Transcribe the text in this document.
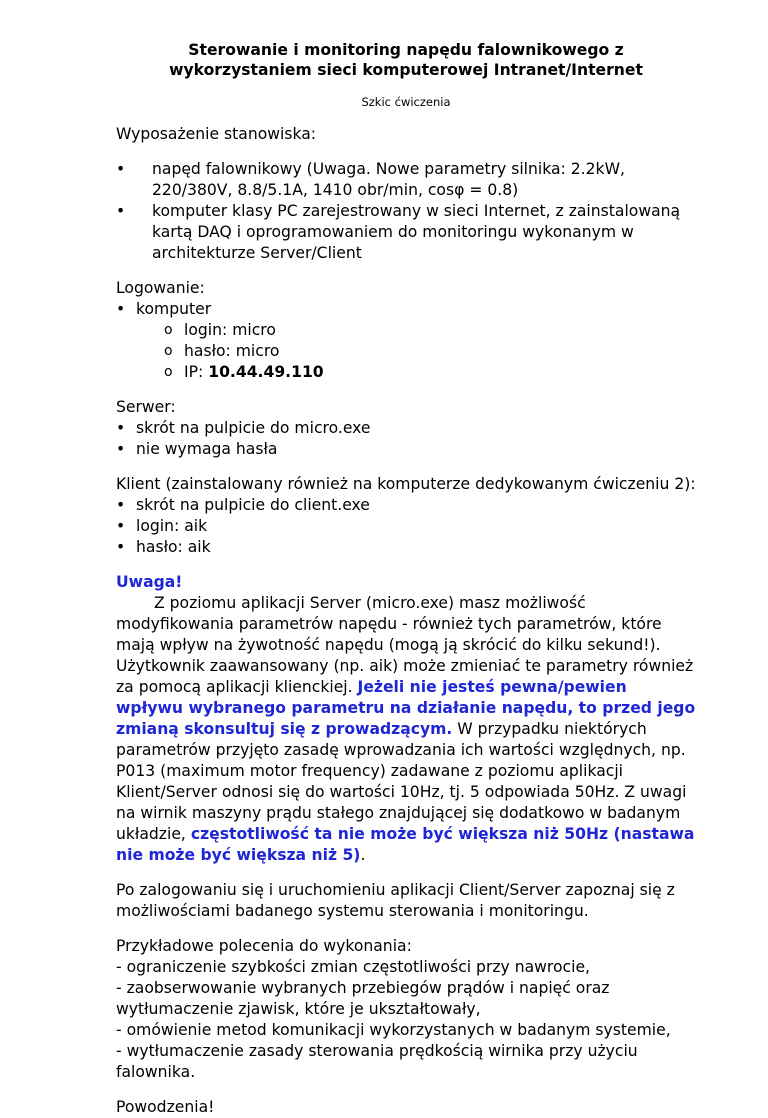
Sterowanie i monitoring napędu falownikowego z wykorzystaniem sieci komputerowej Intranet/Internet
Szkic ćwiczenia

Wyposażenie stanowiska:

• napęd falownikowy (Uwaga. Nowe parametry silnika: 2.2kW, 220/380V, 8.8/5.1A, 1410 obr/min, cosφ = 0.8)
• komputer klasy PC zarejestrowany w sieci Internet, z zainstalowaną kartą DAQ i oprogramowaniem do monitoringu wykonanym w architekturze Server/Client

Logowanie:

• komputer
o login: micro
o hasło: micro
o IP: 10.44.49.110

Serwer:

• skrót na pulpicie do micro.exe
• nie wymaga hasła

Klient (zainstalowany również na komputerze dedykowanym ćwiczeniu 2):

• skrót na pulpicie do client.exe
• login: aik
• hasło: aik

Uwaga!

Z poziomu aplikacji Server (micro.exe) masz możliwość modyfikowania parametrów napędu - również tych parametrów, które mają wpływ na żywotność napędu (mogą ją skrócić do kilku sekund!). Użytkownik zaawansowany (np. aik) może zmieniać te parametry również za pomocą aplikacji klienckiej. Jeżeli nie jesteś pewna/pewien wpływu wybranego parametru na działanie napędu, to przed jego zmianą skonsultuj się z prowadzącym. W przypadku niektórych parametrów przyjęto zasadę wprowadzania ich wartości względnych, np. P013 (maximum motor frequency) zadawane z poziomu aplikacji Klient/Server odnosi się do wartości 10Hz, tj. 5 odpowiada 50Hz. Z uwagi na wirnik maszyny prądu stałego znajdującej się dodatkowo w badanym układzie, częstotliwość ta nie może być większa niż 50Hz (nastawa nie może być większa niż 5).

Po zalogowaniu się i uruchomieniu aplikacji Client/Server zapoznaj się z możliwościami badanego systemu sterowania i monitoringu.

Przykładowe polecenia do wykonania:

- ograniczenie szybkości zmian częstotliwości przy nawrocie,

- zaobserwowanie wybranych przebiegów prądów i napięć oraz wytłumaczenie zjawisk, które je ukształtowały,

- omówienie metod komunikacji wykorzystanych w badanym systemie,

- wytłumaczenie zasady sterowania prędkością wirnika przy użyciu falownika.

Powodzenia!
